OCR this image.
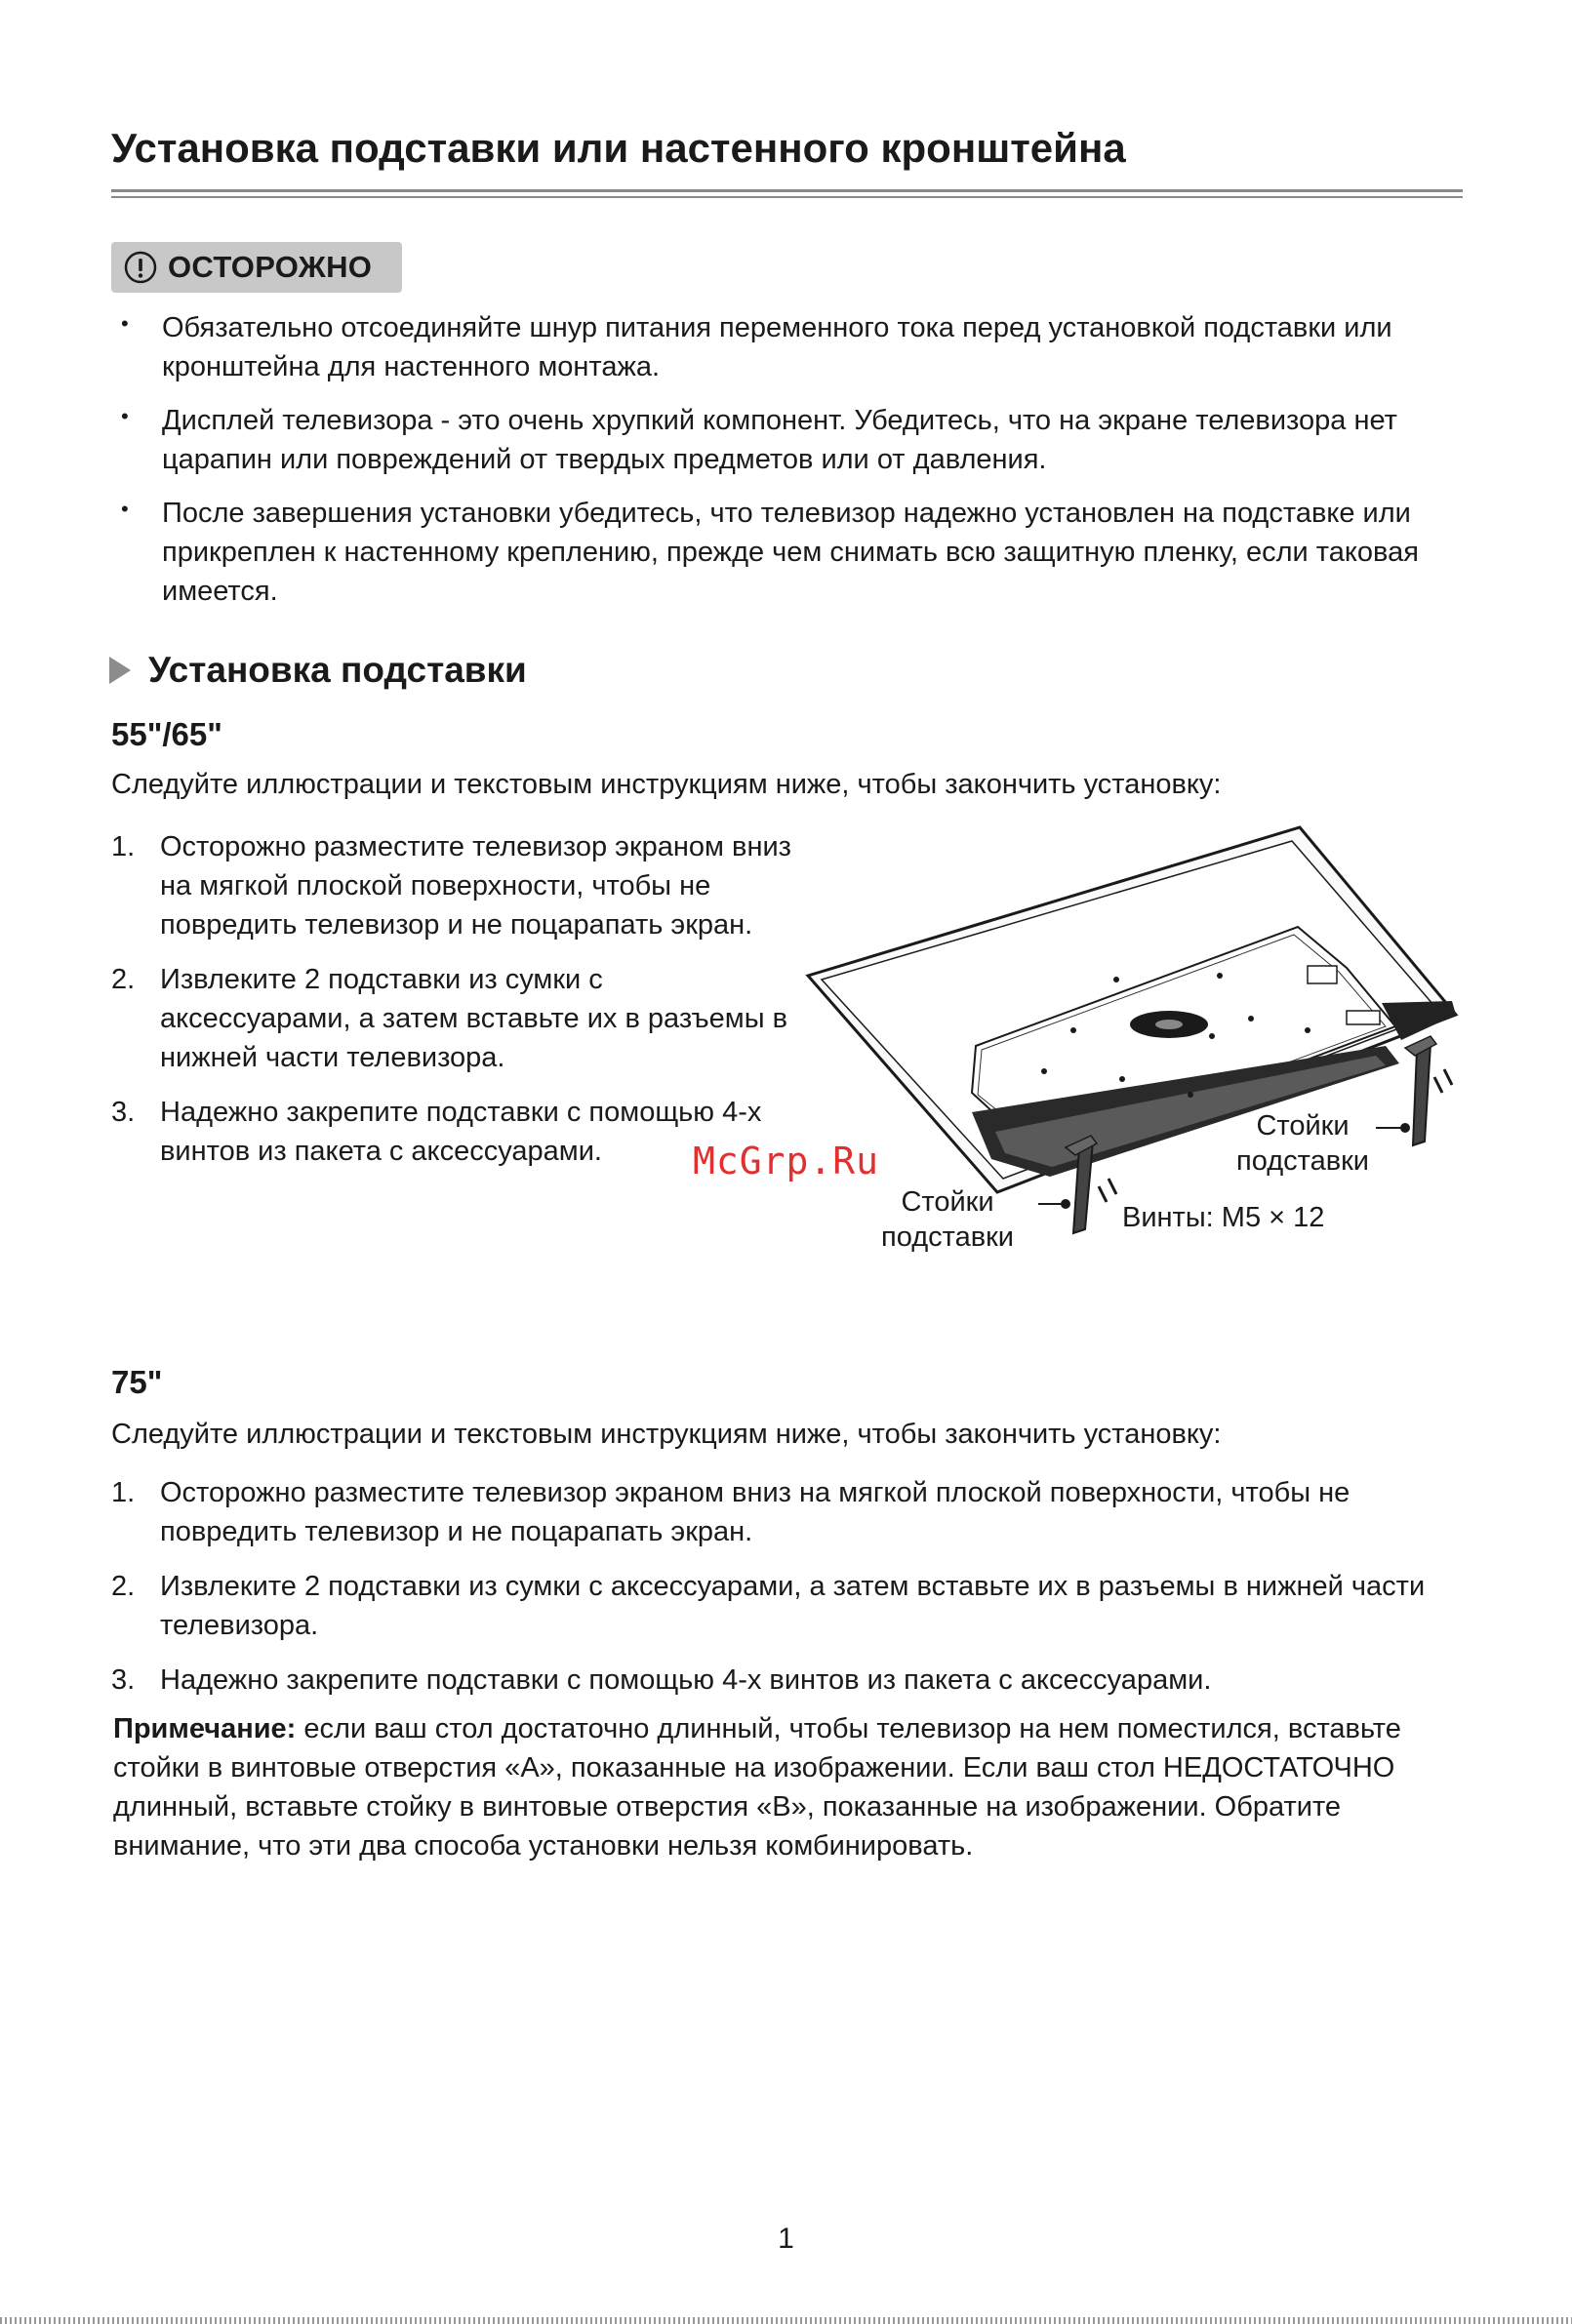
Установка подставки или настенного кронштейна
ОСТОРОЖНО
• Обязательно отсоединяйте шнур питания переменного тока перед установкой подставки или кронштейна для настенного монтажа.
• Дисплей телевизора - это очень хрупкий компонент. Убедитесь, что на экране телевизора нет царапин или повреждений от твердых предметов или от давления.
• После завершения установки убедитесь, что телевизор надежно установлен на подставке или прикреплен к настенному креплению, прежде чем снимать всю защитную пленку, если таковая имеется.
Установка подставки
55"/65"

Следуйте иллюстрации и текстовым инструкциям ниже, чтобы закончить установку:

1. Осторожно разместите телевизор экраном вниз на мягкой плоской поверхности, чтобы не повредить телевизор и не поцарапать экран.
2. Извлеките 2 подставки из сумки с аксессуарами, а затем вставьте их в разъемы в нижней части телевизора.
3. Надежно закрепите подставки с помощью 4-х винтов из пакета с аксессуарами.
Стойки
подставки
Стойки
подставки
Винты: M5 × 12
McGrp.Ru
75"

Следуйте иллюстрации и текстовым инструкциям ниже, чтобы закончить установку:

1. Осторожно разместите телевизор экраном вниз на мягкой плоской поверхности, чтобы не повредить телевизор и не поцарапать экран.
2. Извлеките 2 подставки из сумки с аксессуарами, а затем вставьте их в разъемы в нижней части телевизора.
3. Надежно закрепите подставки с помощью 4-х винтов из пакета с аксессуарами.

Примечание: если ваш стол достаточно длинный, чтобы телевизор на нем поместился, вставьте стойки в винтовые отверстия «A», показанные на изображении. Если ваш стол НЕДОСТАТОЧНО длинный, вставьте стойку в винтовые отверстия «B», показанные на изображении. Обратите внимание, что эти два способа установки нельзя комбинировать.

1
